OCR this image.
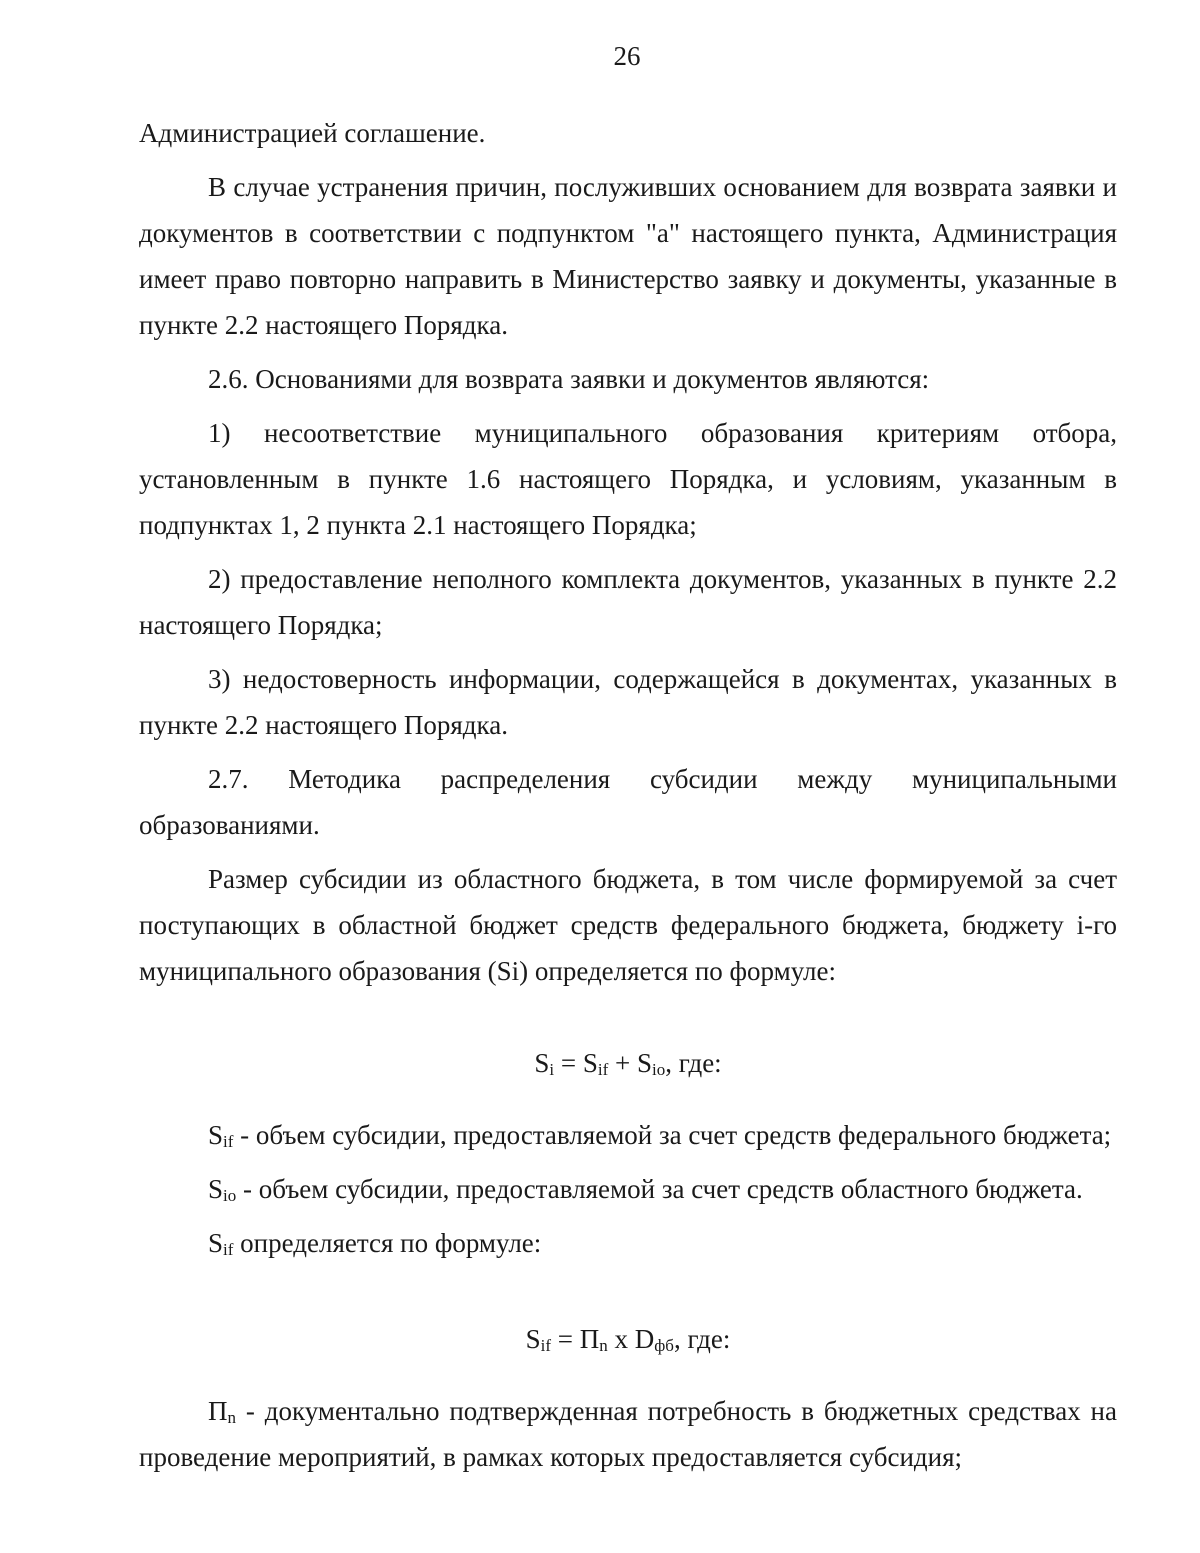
26

Администрацией соглашение.

В случае устранения причин, послуживших основанием для возврата заявки и документов в соответствии с подпунктом "а" настоящего пункта, Администрация имеет право повторно направить в Министерство заявку и документы, указанные в пункте 2.2 настоящего Порядка.

2.6. Основаниями для возврата заявки и документов являются:

1) несоответствие муниципального образования критериям отбора, установленным в пункте 1.6 настоящего Порядка, и условиям, указанным в подпунктах 1, 2 пункта 2.1 настоящего Порядка;

2) предоставление неполного комплекта документов, указанных в пункте 2.2 настоящего Порядка;

3) недостоверность информации, содержащейся в документах, указанных в пункте 2.2 настоящего Порядка.

2.7. Методика распределения субсидии между муниципальными образованиями.

Размер субсидии из областного бюджета, в том числе формируемой за счет поступающих в областной бюджет средств федерального бюджета, бюджету i-го муниципального образования (Si) определяется по формуле:

$S_i = S_{if} + S_{io}$, где:

$S_{if}$ - объем субсидии, предоставляемой за счет средств федерального бюджета;

$S_{io}$ - объем субсидии, предоставляемой за счет средств областного бюджета.

$S_{if}$ определяется по формуле:

$S_{if} = П_n$ x $D_{фб}$, где:

$П_n$ - документально подтвержденная потребность в бюджетных средствах на проведение мероприятий, в рамках которых предоставляется субсидия;
